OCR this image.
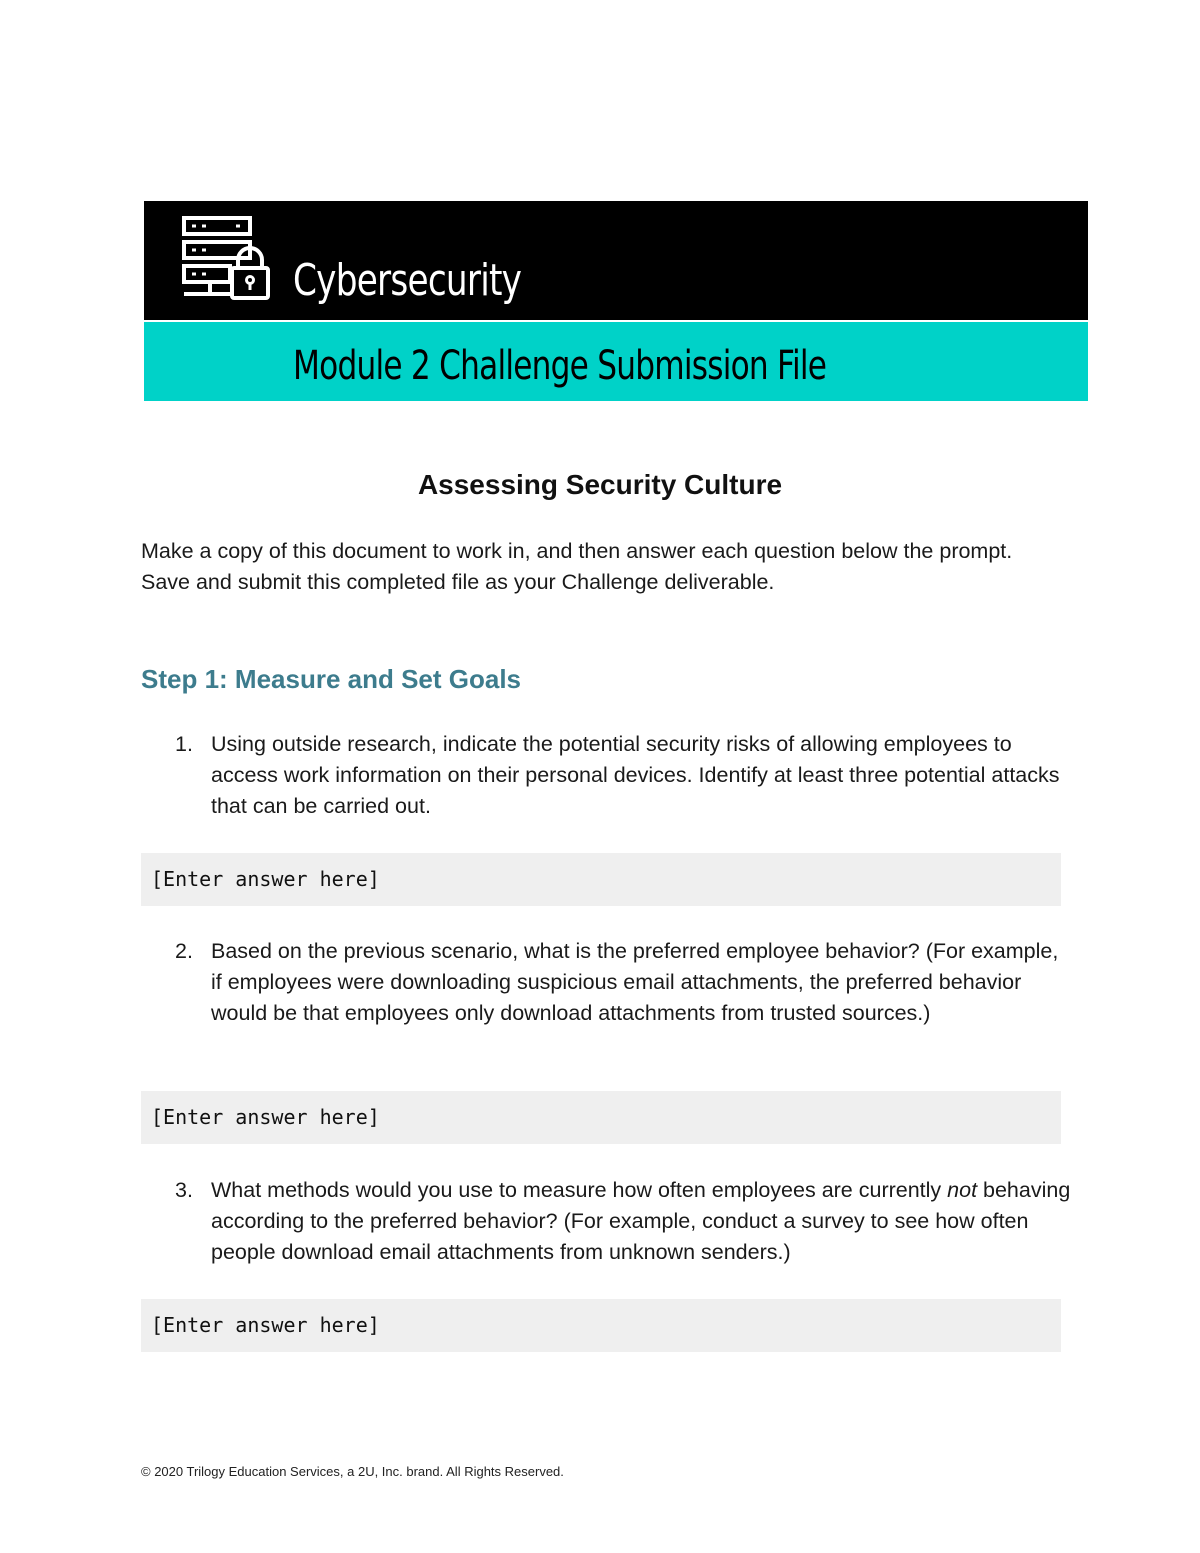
Cybersecurity
Module 2 Challenge Submission File
Assessing Security Culture
Make a copy of this document to work in, and then answer each question below the prompt. Save and submit this completed file as your Challenge deliverable.
Step 1: Measure and Set Goals
1. Using outside research, indicate the potential security risks of allowing employees to access work information on their personal devices. Identify at least three potential attacks that can be carried out.
[Enter answer here]
2. Based on the previous scenario, what is the preferred employee behavior? (For example, if employees were downloading suspicious email attachments, the preferred behavior would be that employees only download attachments from trusted sources.)
[Enter answer here]
3. What methods would you use to measure how often employees are currently not behaving according to the preferred behavior? (For example, conduct a survey to see how often people download email attachments from unknown senders.)
[Enter answer here]
© 2020 Trilogy Education Services, a 2U, Inc. brand. All Rights Reserved.
